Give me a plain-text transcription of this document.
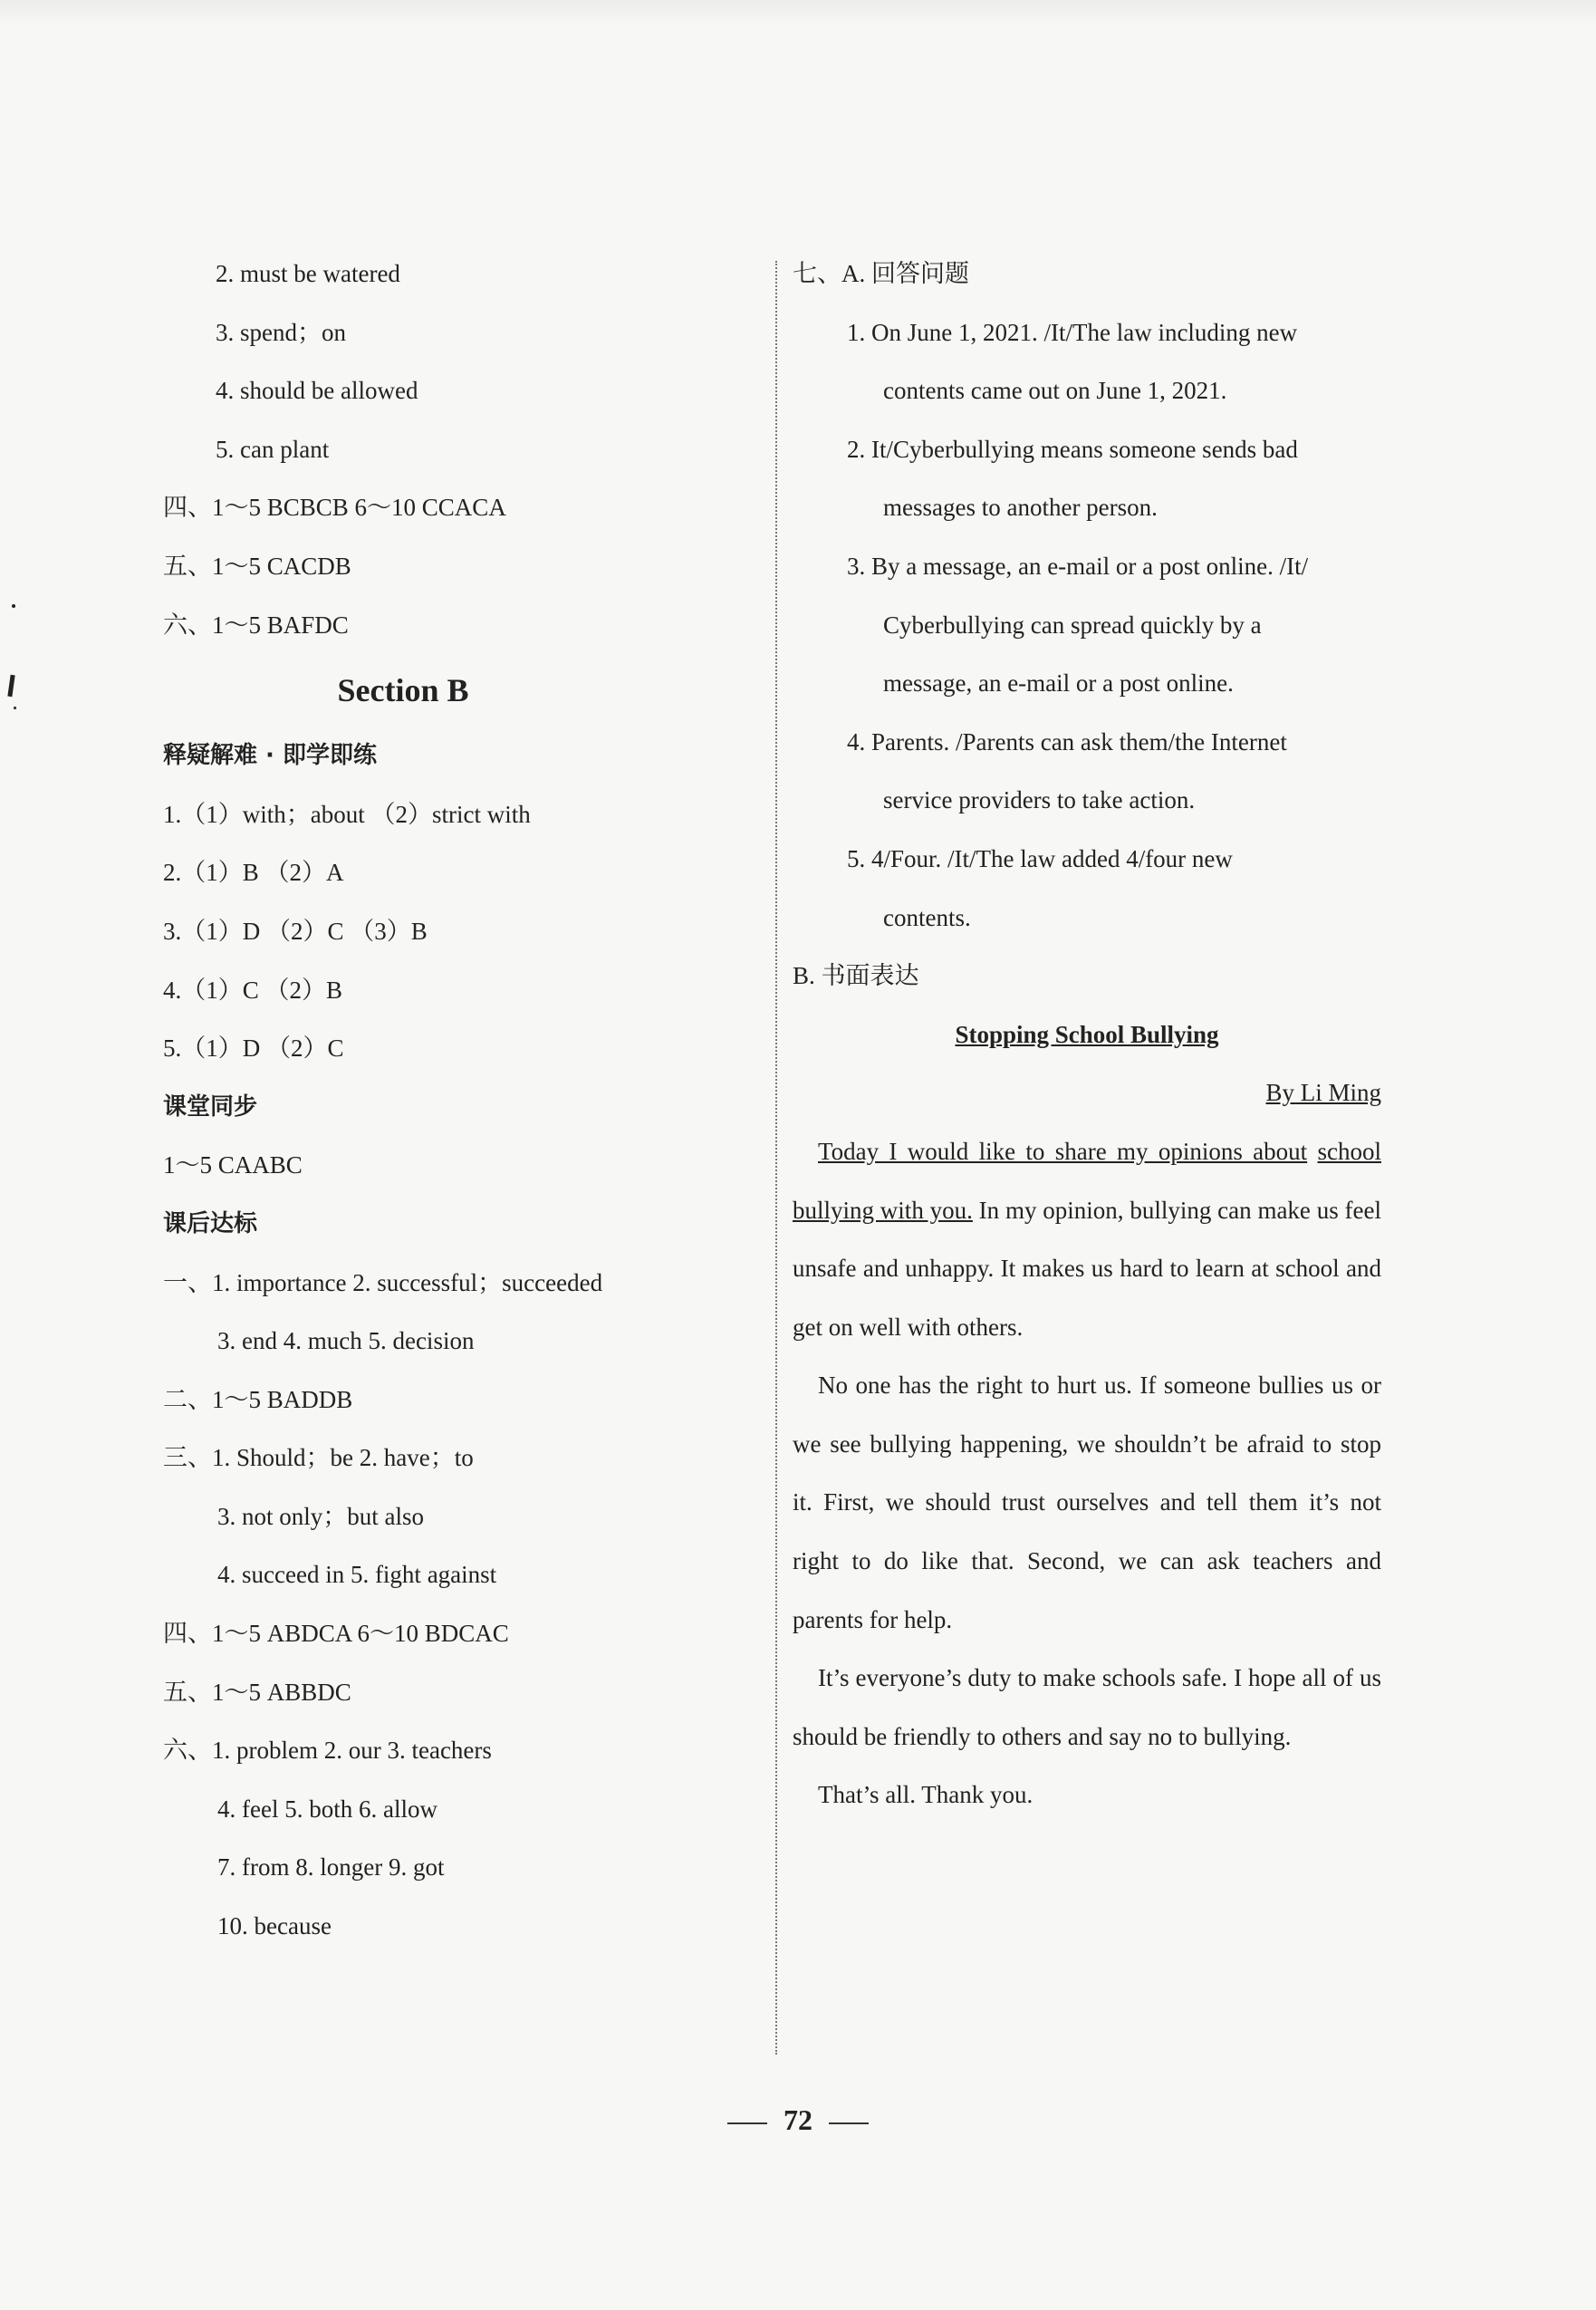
2. must be watered
3. spend；on
4. should be allowed
5. can plant
四、1～5 BCBCB 6～10 CCACA
五、1～5 CACDB
六、1～5 BAFDC
Section B
释疑解难 · 即学即练
1.（1）with；about （2）strict with
2.（1）B （2）A
3.（1）D （2）C （3）B
4.（1）C （2）B
5.（1）D （2）C
课堂同步
1～5 CAABC
课后达标
一、1. importance 2. successful；succeeded
3. end 4. much 5. decision
二、1～5 BADDB
三、1. Should；be 2. have；to
3. not only；but also
4. succeed in 5. fight against
四、1～5 ABDCA 6～10 BDCAC
五、1～5 ABBDC
六、1. problem 2. our 3. teachers
4. feel 5. both 6. allow
7. from 8. longer 9. got
10. because
七、A. 回答问题
1. On June 1, 2021. /It/The law including new
contents came out on June 1, 2021.
2. It/Cyberbullying means someone sends bad
messages to another person.
3. By a message, an e-mail or a post online. /It/
Cyberbullying can spread quickly by a
message, an e-mail or a post online.
4. Parents. /Parents can ask them/the Internet
service providers to take action.
5. 4/Four. /It/The law added 4/four new
contents.
B. 书面表达
Stopping School Bullying
By Li Ming
Today I would like to share my opinions about school bullying with you. In my opinion, bullying can make us feel unsafe and unhappy. It makes us hard to learn at school and get on well with others.
No one has the right to hurt us. If someone bullies us or we see bullying happening, we shouldn’t be afraid to stop it. First, we should trust ourselves and tell them it’s not right to do like that. Second, we can ask teachers and parents for help.
It’s everyone’s duty to make schools safe. I hope all of us should be friendly to others and say no to bullying.
That’s all. Thank you.
72
